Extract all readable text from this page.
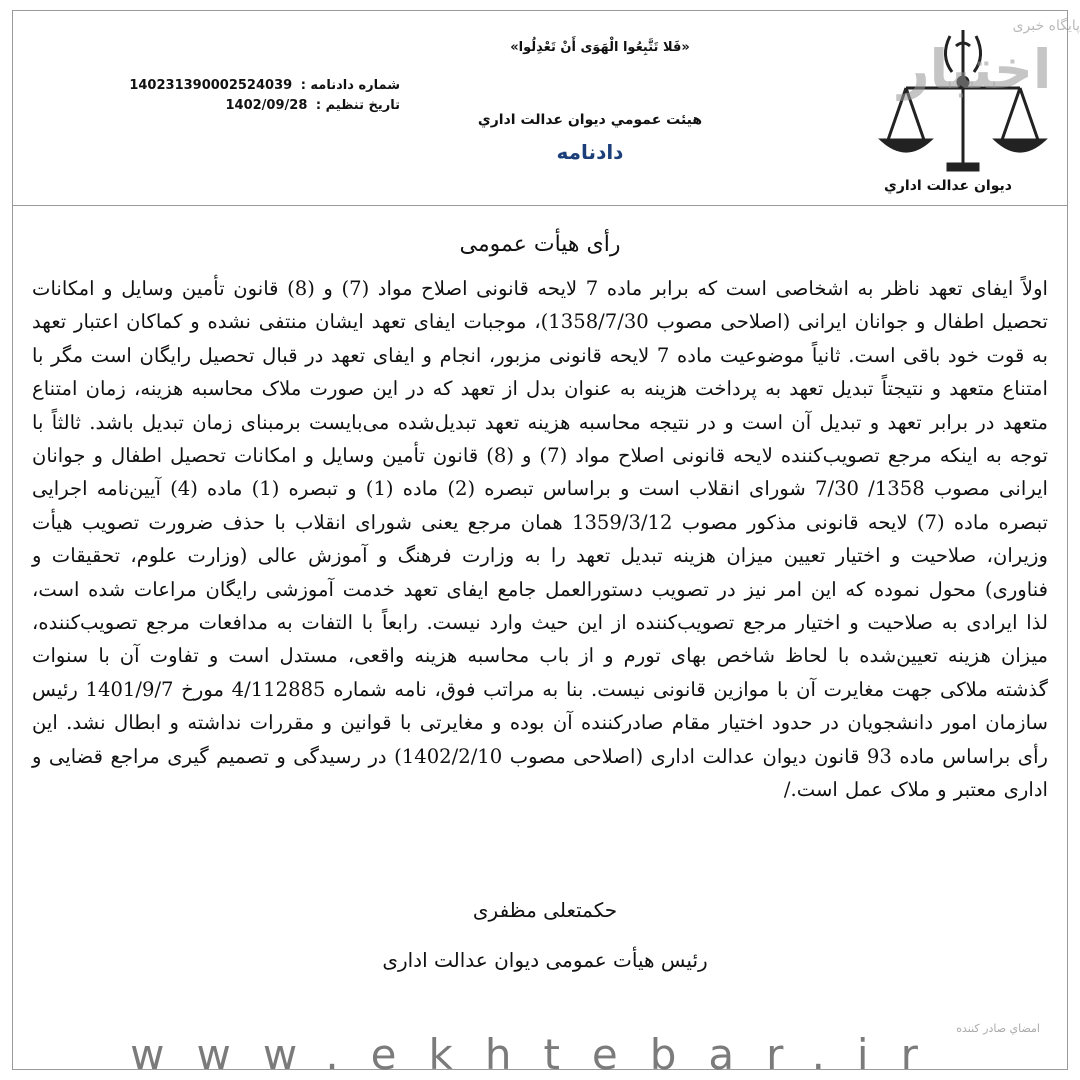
«فَلا تَتَّبِعُوا الْهَوَى أَنْ تَعْدِلُوا»
شماره دادنامه : 140231390002524039
تاريخ تنظيم : 1402/09/28
هيئت عمومي ديوان عدالت اداري
دادنامه
پایگاه خبری
اختبار
ديوان عدالت اداري
رأی هیأت عمومی
اولاً ایفای تعهد ناظر به اشخاصی است که برابر ماده 7 لایحه قانونی اصلاح مواد (7) و (8) قانون تأمین وسایل و امکانات تحصیل اطفال و جوانان ایرانی (اصلاحی مصوب 1358/7/30)، موجبات ایفای تعهد ایشان منتفی نشده و کماکان اعتبار تعهد به قوت خود باقی است. ثانیاً موضوعیت ماده 7 لایحه قانونی مزبور، انجام و ایفای تعهد در قبال تحصیل رایگان است مگر با امتناع متعهد و نتیجتاً تبدیل تعهد به پرداخت هزینه به عنوان بدل از تعهد که در این صورت ملاک محاسبه هزینه، زمان امتناع متعهد در برابر تعهد و تبدیل آن است و در نتیجه محاسبه هزینه تعهد تبدیل‌شده می‌بایست برمبنای زمان تبدیل باشد. ثالثاً با توجه به اینکه مرجع تصویب‌کننده لایحه قانونی اصلاح مواد (7) و (8) قانون تأمین وسایل و امکانات تحصیل اطفال و جوانان ایرانی مصوب 1358/ 7/30 شورای انقلاب است و براساس تبصره (2) ماده (1) و تبصره (1) ماده (4) آیین‌نامه اجرایی تبصره ماده (7) لایحه قانونی مذکور مصوب 1359/3/12 همان مرجع یعنی شورای انقلاب با حذف ضرورت تصویب هیأت وزیران، صلاحیت و اختیار تعیین میزان هزینه تبدیل تعهد را به وزارت فرهنگ و آموزش عالی (وزارت علوم، تحقیقات و فناوری) محول نموده که این امر نیز در تصویب دستورالعمل جامع ایفای تعهد خدمت آموزشی رایگان مراعات شده است، لذا ایرادی به صلاحیت و اختیار مرجع تصویب‌کننده از این حیث وارد نیست. رابعاً با التفات به مدافعات مرجع تصویب‌کننده، میزان هزینه تعیین‌شده با لحاظ شاخص بهای تورم و از باب محاسبه هزینه واقعی، مستدل است و تفاوت آن با سنوات گذشته ملاکی جهت مغایرت آن با موازین قانونی نیست. بنا به مراتب فوق، نامه شماره 4/112885 مورخ 1401/9/7 رئیس سازمان امور دانشجویان در حدود اختیار مقام صادرکننده آن بوده و مغایرتی با قوانین و مقررات نداشته و ابطال نشد. این رأی براساس ماده 93 قانون دیوان عدالت اداری (اصلاحی مصوب 1402/2/10) در رسیدگی و تصمیم گیری مراجع قضایی و اداری معتبر و ملاک عمل است./
حکمتعلی مظفری
رئیس هیأت عمومی دیوان عدالت اداری
امضاي صادر كننده
www.ekhtebar.ir
